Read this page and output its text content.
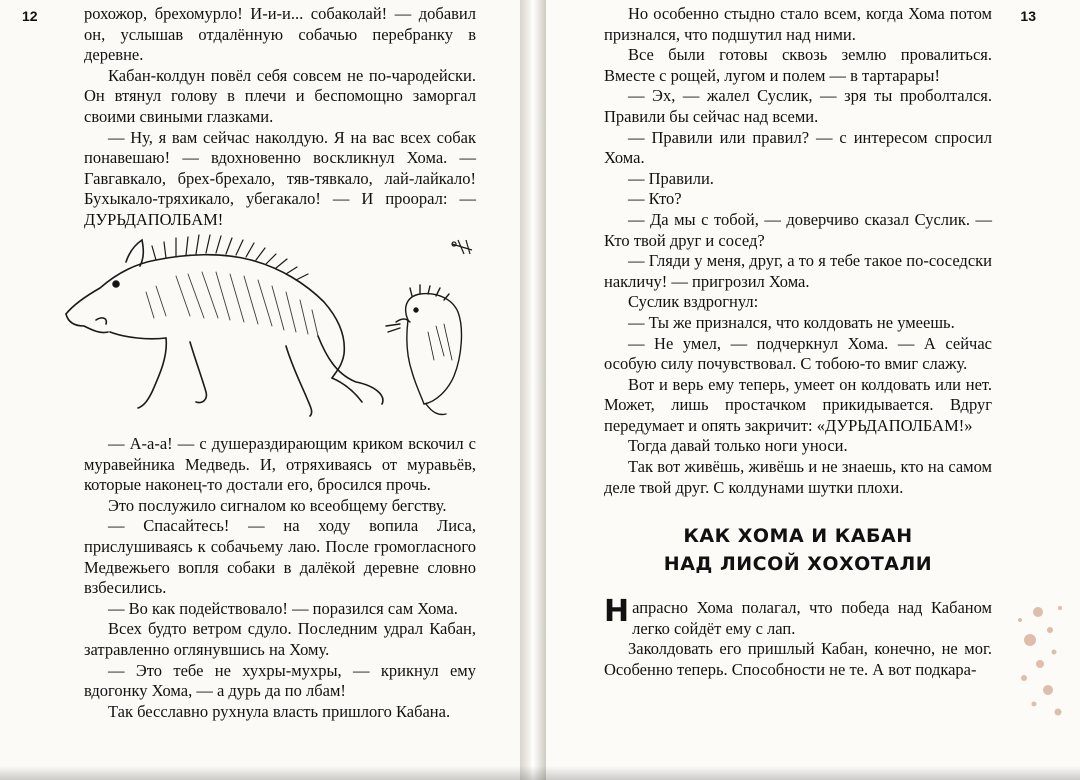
12	рохожор, брехомурло! И-и-и... собаколай! — добавил он, услышав отдалённую собачью перебранку в деревне.

Кабан-колдун повёл себя совсем не по-чародейски. Он втянул голову в плечи и беспомощно заморгал своими свиными глазками.

— Ну, я вам сейчас наколдую. Я на вас всех собак понавешаю! — вдохновенно воскликнул Хома. — Гавгавкало, брех-брехало, тяв-тявкало, лай-лайкало! Бухыкало-тряхикало, убегакало! — И проорал: — ДУРЬДАПОЛБАМ!

— А-а-а! — с душераздирающим криком вскочил с муравейника Медведь. И, отряхиваясь от муравьёв, которые наконец-то достали его, бросился прочь.

Это послужило сигналом ко всеобщему бегству.

— Спасайтесь! — на ходу вопила Лиса, прислушиваясь к собачьему лаю. После громогласного Медвежьего вопля собаки в далёкой деревне словно взбесились.

— Во как подействовало! — поразился сам Хома.

Всех будто ветром сдуло. Последним удрал Кабан, затравленно оглянувшись на Хому.

— Это тебе не хухры-мухры, — крикнул ему вдогонку Хома, — а дурь да по лбам!

Так бесславно рухнула власть пришлого Кабана.

13

Но особенно стыдно стало всем, когда Хома потом признался, что подшутил над ними.

Все были готовы сквозь землю провалиться. Вместе с рощей, лугом и полем — в тартарары!

— Эх, — жалел Суслик, — зря ты проболтался. Правили бы сейчас над всеми.

— Правили или правил? — с интересом спросил Хома.

— Правили.

— Кто?

— Да мы с тобой, — доверчиво сказал Суслик. — Кто твой друг и сосед?

— Гляди у меня, друг, а то я тебе такое по-соседски накличу! — пригрозил Хома.

Суслик вздрогнул:

— Ты же признался, что колдовать не умеешь.

— Не умел, — подчеркнул Хома. — А сейчас особую силу почувствовал. С тобою-то вмиг слажу.

Вот и верь ему теперь, умеет он колдовать или нет. Может, лишь простачком прикидывается. Вдруг передумает и опять закричит: «ДУРЬДАПОЛБАМ!»

Тогда давай только ноги уноси.

Так вот живёшь, живёшь и не знаешь, кто на самом деле твой друг. С колдунами шутки плохи.

КАК ХОМА И КАБАН
НАД ЛИСОЙ ХОХОТАЛИ

Напрасно Хома полагал, что победа над Кабаном легко сойдёт ему с лап.

Заколдовать его пришлый Кабан, конечно, не мог. Особенно теперь. Способности не те. А вот подкара-
